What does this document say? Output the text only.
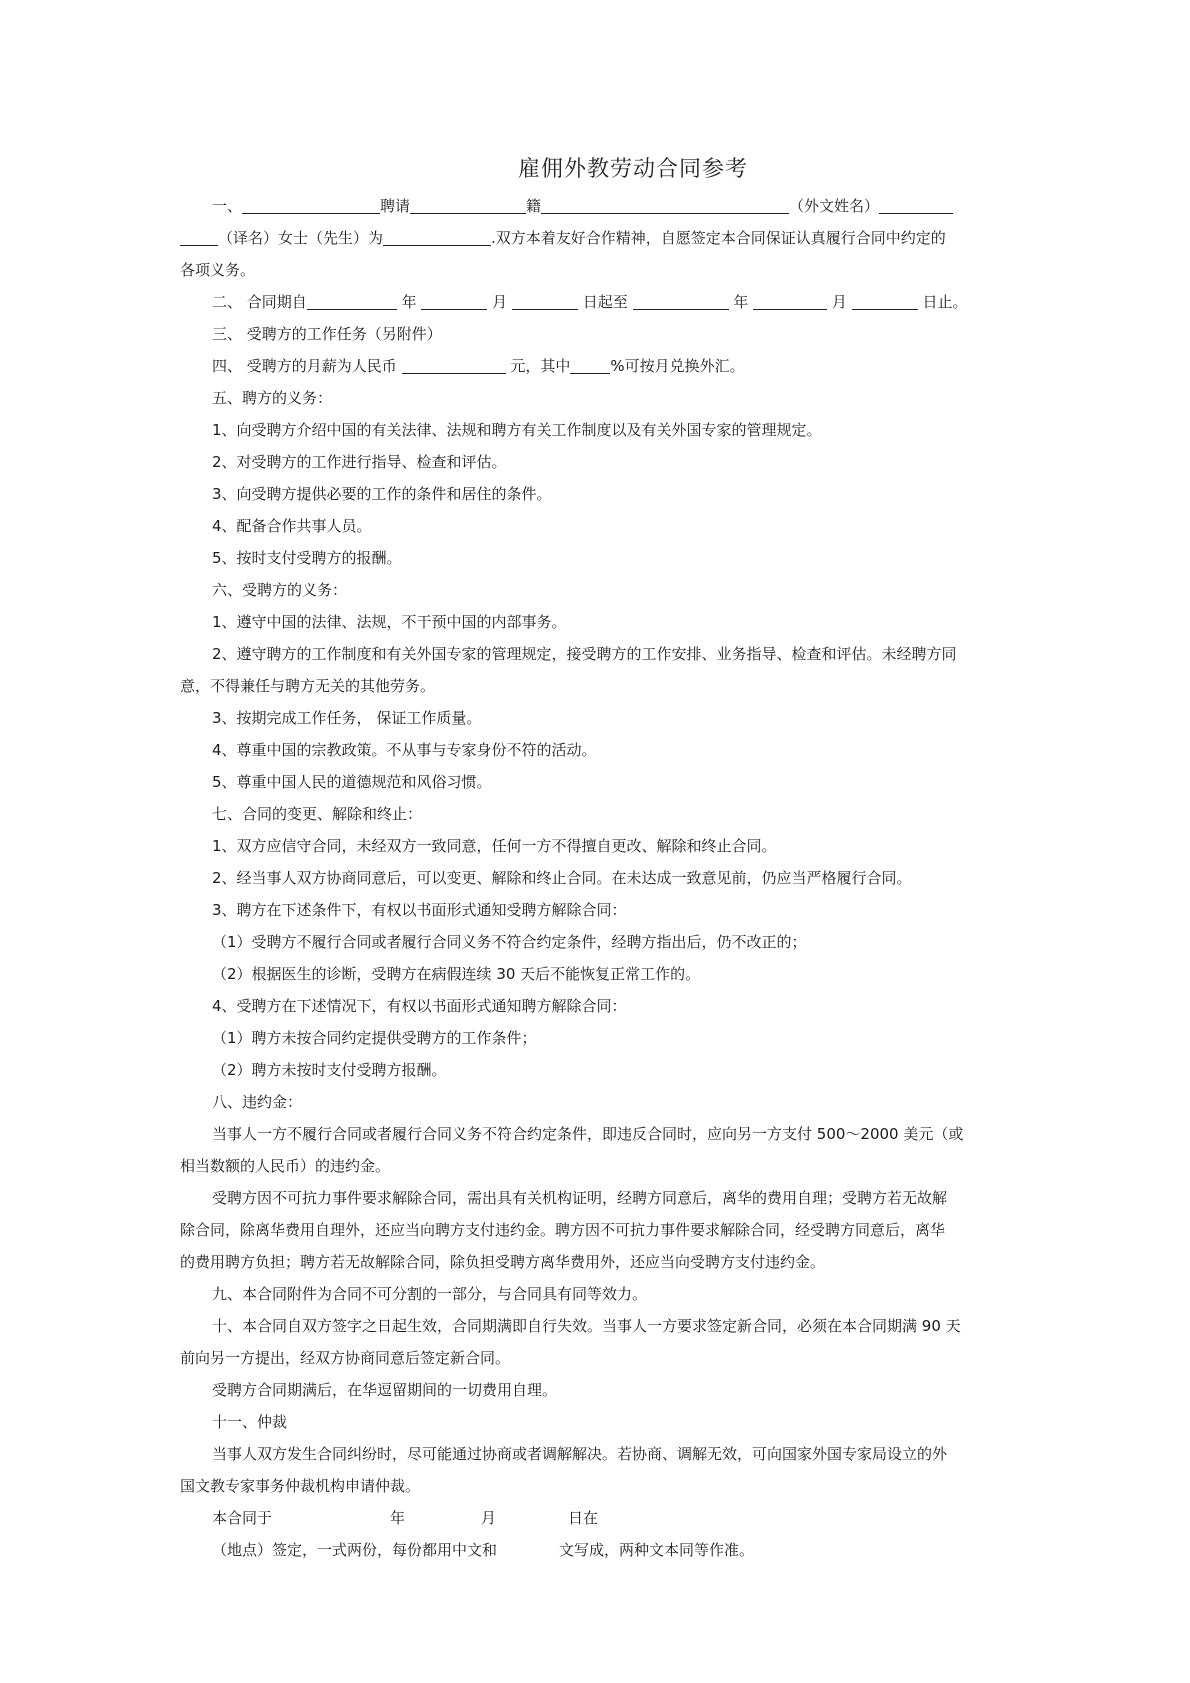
雇佣外教劳动合同参考

一、	聘请	籍	（外文姓名）

（译名）女士（先生）为	.双方本着友好合作精神，自愿签定本合同保证认真履行合同中约定的

各项义务。

二、 合同期自	年	月	日起至	年	月	日止。

三、 受聘方的工作任务（另附件）

四、 受聘方的月薪为人民币	元，其中	%可按月兑换外汇。

五、聘方的义务：

1、向受聘方介绍中国的有关法律、法规和聘方有关工作制度以及有关外国专家的管理规定。

2、对受聘方的工作进行指导、检查和评估。

3、向受聘方提供必要的工作的条件和居住的条件。

4、配备合作共事人员。

5、按时支付受聘方的报酬。

六、受聘方的义务：

1、遵守中国的法律、法规，不干预中国的内部事务。

2、遵守聘方的工作制度和有关外国专家的管理规定，接受聘方的工作安排、业务指导、检查和评估。未经聘方同

意，不得兼任与聘方无关的其他劳务。

3、按期完成工作任务， 保证工作质量。

4、尊重中国的宗教政策。不从事与专家身份不符的活动。

5、尊重中国人民的道德规范和风俗习惯。

七、合同的变更、解除和终止：

1、双方应信守合同，未经双方一致同意，任何一方不得擅自更改、解除和终止合同。

2、经当事人双方协商同意后，可以变更、解除和终止合同。在未达成一致意见前，仍应当严格履行合同。

3、聘方在下述条件下，有权以书面形式通知受聘方解除合同：

（1）受聘方不履行合同或者履行合同义务不符合约定条件，经聘方指出后，仍不改正的；

（2）根据医生的诊断，受聘方在病假连续 30 天后不能恢复正常工作的。

4、受聘方在下述情况下，有权以书面形式通知聘方解除合同：

（1）聘方未按合同约定提供受聘方的工作条件；

（2）聘方未按时支付受聘方报酬。

八、违约金：

当事人一方不履行合同或者履行合同义务不符合约定条件，即违反合同时，应向另一方支付 500～2000 美元（或

相当数额的人民币）的违约金。

受聘方因不可抗力事件要求解除合同，需出具有关机构证明，经聘方同意后，离华的费用自理；受聘方若无故解

除合同，除离华费用自理外，还应当向聘方支付违约金。聘方因不可抗力事件要求解除合同，经受聘方同意后，离华

的费用聘方负担；聘方若无故解除合同，除负担受聘方离华费用外，还应当向受聘方支付违约金。

九、本合同附件为合同不可分割的一部分，与合同具有同等效力。

十、本合同自双方签字之日起生效，合同期满即自行失效。当事人一方要求签定新合同，必须在本合同期满 90 天

前向另一方提出，经双方协商同意后签定新合同。

受聘方合同期满后，在华逗留期间的一切费用自理。

十一、仲裁

当事人双方发生合同纠纷时，尽可能通过协商或者调解解决。若协商、调解无效，可向国家外国专家局设立的外

国文教专家事务仲裁机构申请仲裁。

本合同于	年	月	日在

（地点）签定，一式两份，每份都用中文和	文写成，两种文本同等作准。
